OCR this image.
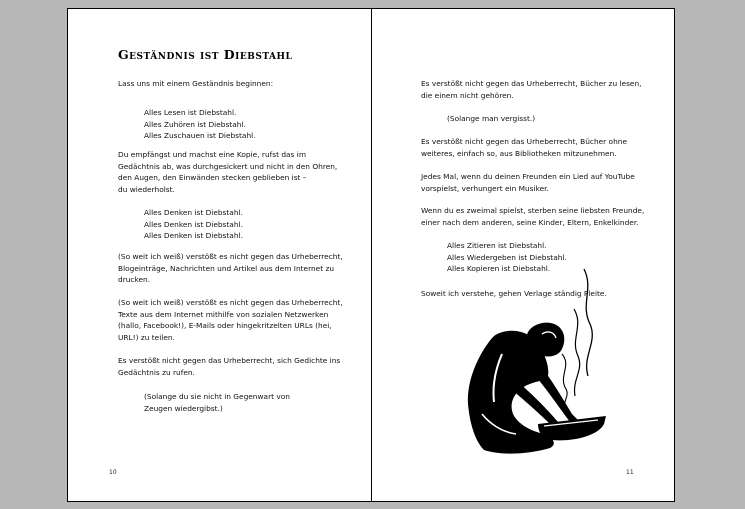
Geständnis ist Diebstahl
Lass uns mit einem Geständnis beginnen:
Alles Lesen ist Diebstahl.
Alles Zuhören ist Diebstahl.
Alles Zuschauen ist Diebstahl.
Du empfängst und machst eine Kopie, rufst das im
Gedächtnis ab, was durchgesickert und nicht in den Ohren,
den Augen, den Einwänden stecken geblieben ist –
du wiederholst.
Alles Denken ist Diebstahl.
Alles Denken ist Diebstahl.
Alles Denken ist Diebstahl.
(So weit ich weiß) verstößt es nicht gegen das Urheberrecht,
Blogeinträge, Nachrichten und Artikel aus dem Internet zu
drucken.
(So weit ich weiß) verstößt es nicht gegen das Urheberrecht,
Texte aus dem Internet mithilfe von sozialen Netzwerken
(hallo, Facebook!), E-Mails oder hingekritzelten URLs (hei,
URL!) zu teilen.
Es verstößt nicht gegen das Urheberrecht, sich Gedichte ins
Gedächtnis zu rufen.
(Solange du sie nicht in Gegenwart von
Zeugen wiedergibst.)
10
Es verstößt nicht gegen das Urheberrecht, Bücher zu lesen,
die einem nicht gehören.
(Solange man vergisst.)
Es verstößt nicht gegen das Urheberrecht, Bücher ohne
weiteres, einfach so, aus Bibliotheken mitzunehmen.
Jedes Mal, wenn du deinen Freunden ein Lied auf YouTube
vorspielst, verhungert ein Musiker.
Wenn du es zweimal spielst, sterben seine liebsten Freunde,
einer nach dem anderen, seine Kinder, Eltern, Enkelkinder.
Alles Zitieren ist Diebstahl.
Alles Wiedergeben ist Diebstahl.
Alles Kopieren ist Diebstahl.
Soweit ich verstehe, gehen Verlage ständig Pleite.
11
